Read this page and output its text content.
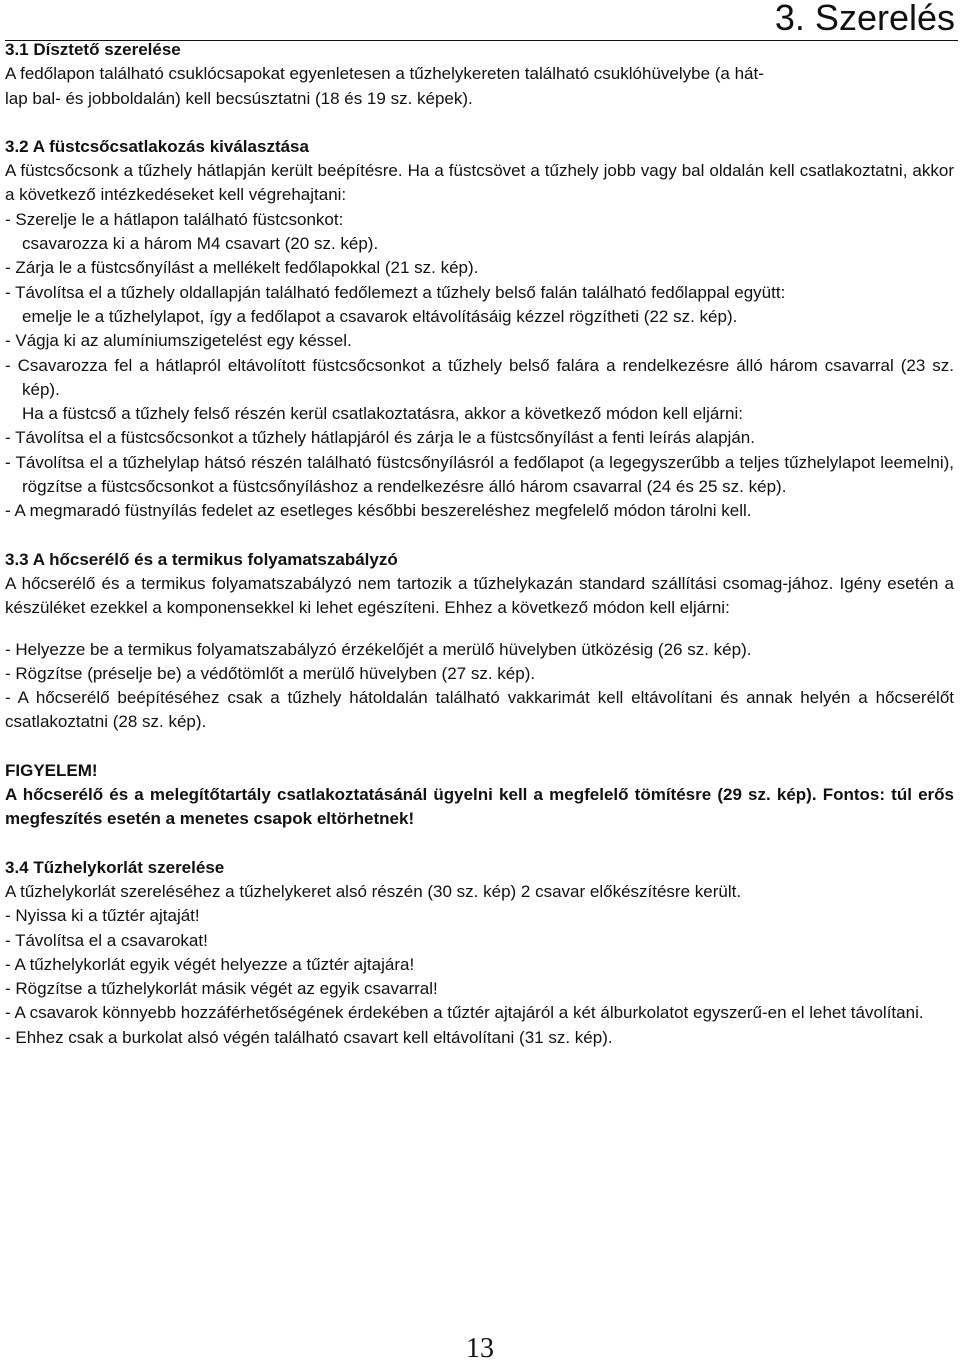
3. Szerelés
3.1 Dísztető szerelése
A fedőlapon található csuklócsapokat egyenletesen a tűzhelykereten található csuklóhüvelybe (a hát-
lap bal- és jobboldalán) kell becsúsztatni (18 és 19 sz. képek).
3.2 A füstcsőcsatlakozás kiválasztása

A füstcsőcsonk a tűzhely hátlapján került beépítésre. Ha a füstcsövet a tűzhely jobb vagy bal oldalán kell csatlakoztatni, akkor a következő intézkedéseket kell végrehajtani:

- Szerelje le a hátlapon található füstcsonkot:
csavarozza ki a három M4 csavart (20 sz. kép).
- Zárja le a füstcsőnyílást a mellékelt fedőlapokkal (21 sz. kép).

- Távolítsa el a tűzhely oldallapján található fedőlemezt a tűzhely belső falán található fedőlappal együtt:

emelje le a tűzhelylapot, így a fedőlapot a csavarok eltávolításáig kézzel rögzítheti (22 sz. kép).
- Vágja ki az alumíniumszigetelést egy késsel.

- Csavarozza fel a hátlapról eltávolított füstcsőcsonkot a tűzhely belső falára a rendelkezésre álló három csavarral (23 sz. kép).

Ha a füstcső a tűzhely felső részén kerül csatlakoztatásra, akkor a következő módon kell eljárni:
- Távolítsa el a füstcsőcsonkot a tűzhely hátlapjáról és zárja le a füstcsőnyílást a fenti leírás alapján.

- Távolítsa el a tűzhelylap hátsó részén található füstcsőnyílásról a fedőlapot (a legegyszerűbb a teljes tűzhelylapot leemelni), rögzítse a füstcsőcsonkot a füstcsőnyíláshoz a rendelkezésre álló három csavarral (24 és 25 sz. kép).

- A megmaradó füstnyílás fedelet az esetleges későbbi beszereléshez megfelelő módon tárolni kell.
3.3 A hőcserélő és a termikus folyamatszabályzó

A hőcserélő és a termikus folyamatszabályzó nem tartozik a tűzhelykazán standard szállítási csomag-jához. Igény esetén a készüléket ezekkel a komponensekkel ki lehet egészíteni. Ehhez a következő módon kell eljárni:

- Helyezze be a termikus folyamatszabályzó érzékelőjét a merülő hüvelyben ütközésig (26 sz. kép).
- Rögzítse (préselje be) a védőtömlőt a merülő hüvelyben (27 sz. kép).

- A hőcserélő beépítéséhez csak a tűzhely hátoldalán található vakkarimát kell eltávolítani és annak helyén a hőcserélőt csatlakoztatni (28 sz. kép).

FIGYELEM!

A hőcserélő és a melegítőtartály csatlakoztatásánál ügyelni kell a megfelelő tömítésre (29 sz. kép). Fontos: túl erős megfeszítés esetén a menetes csapok eltörhetnek!

3.4 Tűzhelykorlát szerelése
A tűzhelykorlát szereléséhez a tűzhelykeret alsó részén (30 sz. kép) 2 csavar előkészítésre került.
- Nyissa ki a tűztér ajtaját!
- Távolítsa el a csavarokat!
- A tűzhelykorlát egyik végét helyezze a tűztér ajtajára!
- Rögzítse a tűzhelykorlát másik végét az egyik csavarral!

- A csavarok könnyebb hozzáférhetőségének érdekében a tűztér ajtajáról a két álburkolatot egyszerű-en el lehet távolítani.

- Ehhez csak a burkolat alsó végén található csavart kell eltávolítani (31 sz. kép).

13
